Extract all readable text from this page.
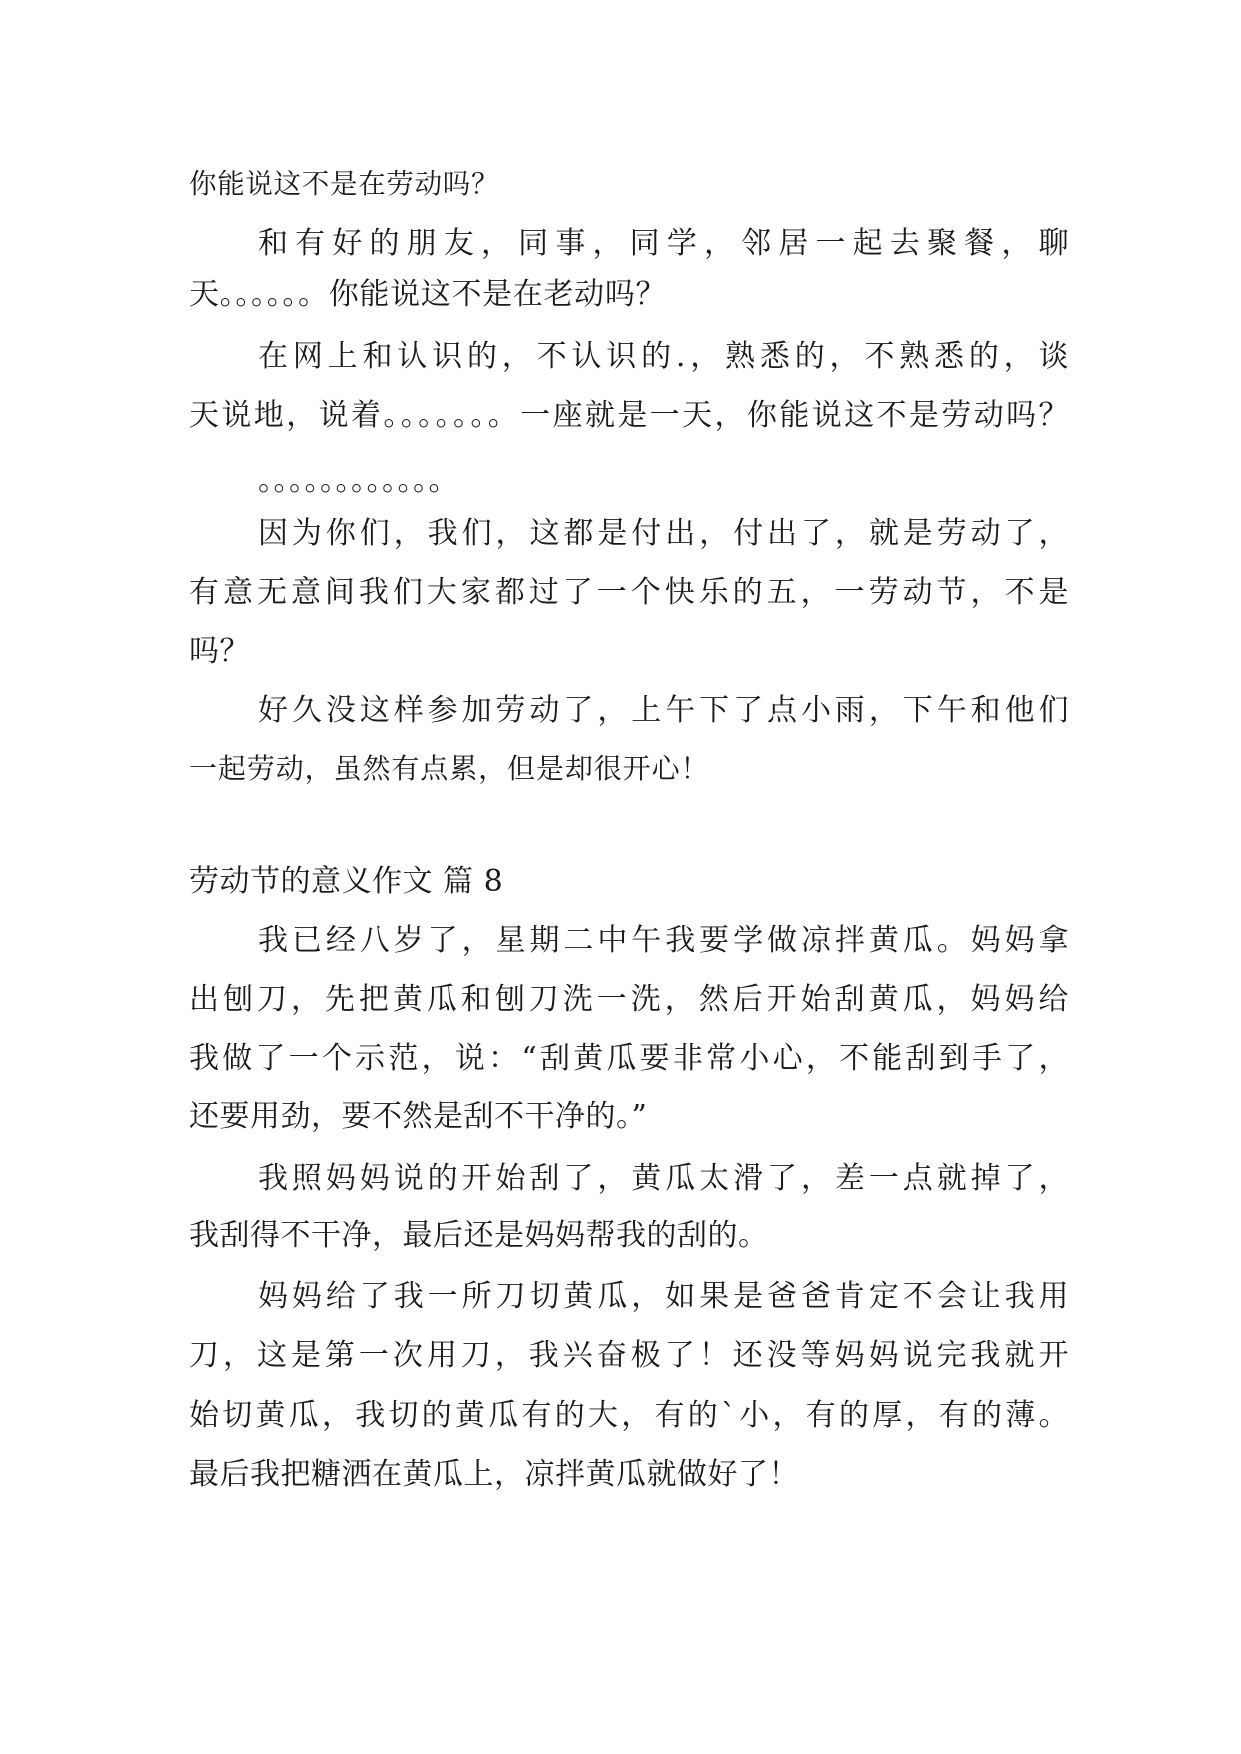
你能说这不是在劳动吗？
和有好的朋友，同事，同学，邻居一起去聚餐，聊
天。。。。。。你能说这不是在老动吗？
在网上和认识的，不认识的.，熟悉的，不熟悉的，谈
天说地，说着。。。。。。。一座就是一天，你能说这不是劳动吗？
。。。。。。。。。。。。
因为你们，我们，这都是付出，付出了，就是劳动了，
有意无意间我们大家都过了一个快乐的五，一劳动节，不是
吗？
好久没这样参加劳动了，上午下了点小雨，下午和他们
一起劳动，虽然有点累，但是却很开心！
劳动节的意义作文 篇 8
我已经八岁了，星期二中午我要学做凉拌黄瓜。妈妈拿
出刨刀，先把黄瓜和刨刀洗一洗，然后开始刮黄瓜，妈妈给
我做了一个示范，说：“刮黄瓜要非常小心，不能刮到手了，
还要用劲，要不然是刮不干净的。”
我照妈妈说的开始刮了，黄瓜太滑了，差一点就掉了，
我刮得不干净，最后还是妈妈帮我的刮的。
妈妈给了我一所刀切黄瓜，如果是爸爸肯定不会让我用
刀，这是第一次用刀，我兴奋极了！还没等妈妈说完我就开
始切黄瓜，我切的黄瓜有的大，有的`小，有的厚，有的薄。
最后我把糖洒在黄瓜上，凉拌黄瓜就做好了！
